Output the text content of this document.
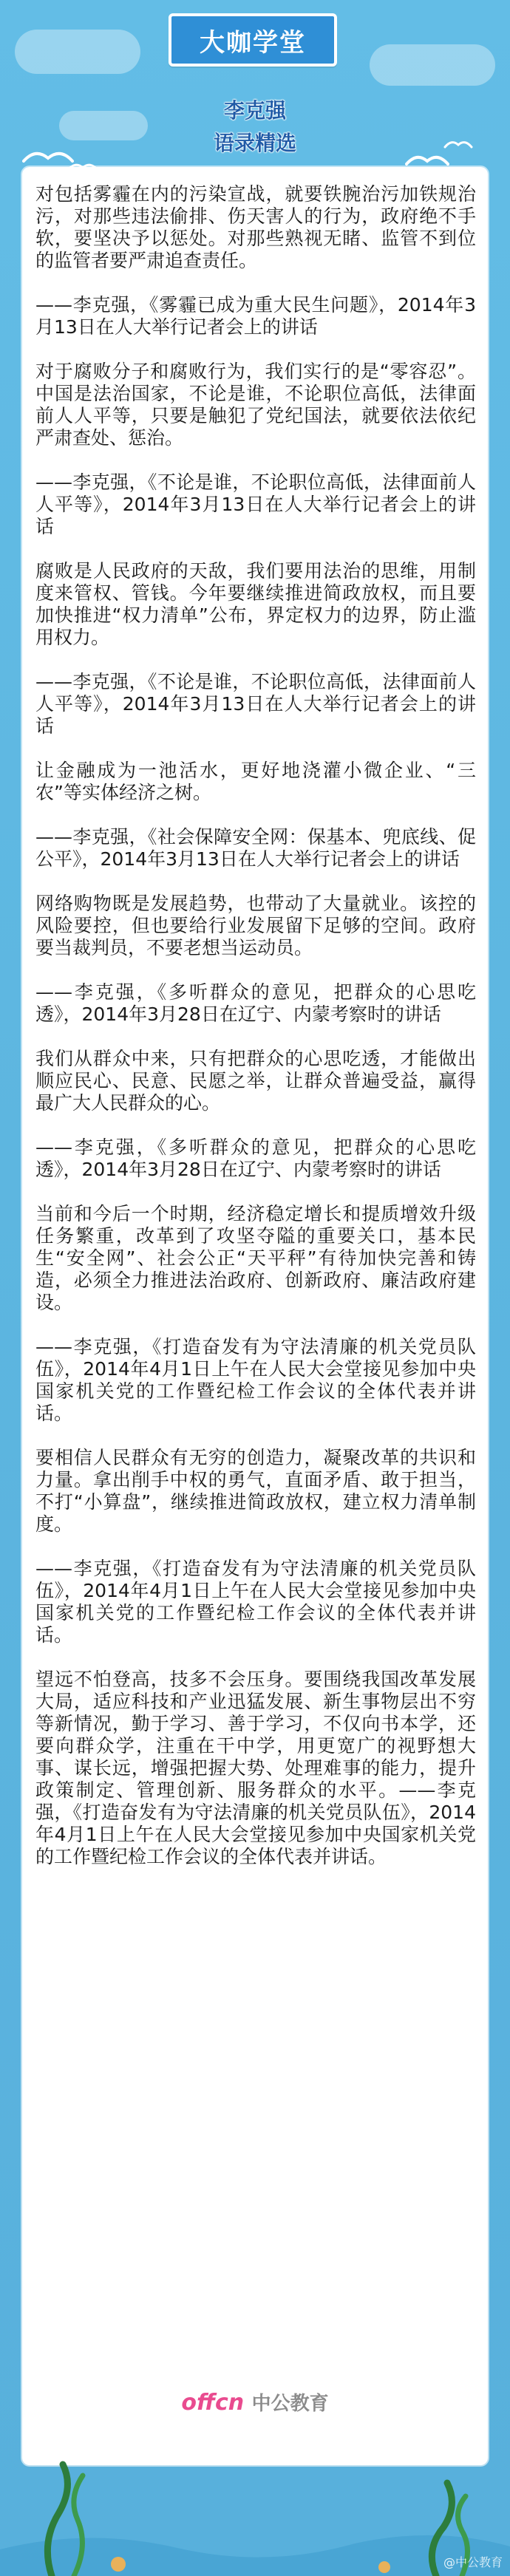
大咖学堂
李克强
语录精选

对包括雾霾在内的污染宣战，就要铁腕治污加铁规治污，对那些违法偷排、伤天害人的行为，政府绝不手软，要坚决予以惩处。对那些熟视无睹、监管不到位的监管者要严肃追查责任。

——李克强，《雾霾已成为重大民生问题》，2014年3月13日在人大举行记者会上的讲话

对于腐败分子和腐败行为，我们实行的是“零容忍”。中国是法治国家，不论是谁，不论职位高低，法律面前人人平等，只要是触犯了党纪国法，就要依法依纪严肃查处、惩治。

——李克强，《不论是谁，不论职位高低，法律面前人人平等》，2014年3月13日在人大举行记者会上的讲话

腐败是人民政府的天敌，我们要用法治的思维，用制度来管权、管钱。今年要继续推进简政放权，而且要加快推进“权力清单”公布，界定权力的边界，防止滥用权力。

——李克强，《不论是谁，不论职位高低，法律面前人人平等》，2014年3月13日在人大举行记者会上的讲话

让金融成为一池活水，更好地浇灌小微企业、“三农”等实体经济之树。

——李克强，《社会保障安全网：保基本、兜底线、促公平》，2014年3月13日在人大举行记者会上的讲话

网络购物既是发展趋势，也带动了大量就业。该控的风险要控，但也要给行业发展留下足够的空间。政府要当裁判员，不要老想当运动员。

——李克强，《多听群众的意见，把群众的心思吃透》，2014年3月28日在辽宁、内蒙考察时的讲话

我们从群众中来，只有把群众的心思吃透，才能做出顺应民心、民意、民愿之举，让群众普遍受益，赢得最广大人民群众的心。

——李克强，《多听群众的意见，把群众的心思吃透》，2014年3月28日在辽宁、内蒙考察时的讲话

当前和今后一个时期，经济稳定增长和提质增效升级任务繁重，改革到了攻坚夺隘的重要关口，基本民生“安全网”、社会公正“天平秤”有待加快完善和铸造，必须全力推进法治政府、创新政府、廉洁政府建设。

——李克强，《打造奋发有为守法清廉的机关党员队伍》，2014年4月1日上午在人民大会堂接见参加中央国家机关党的工作暨纪检工作会议的全体代表并讲话。

要相信人民群众有无穷的创造力，凝聚改革的共识和力量。拿出削手中权的勇气，直面矛盾、敢于担当，不打“小算盘”，继续推进简政放权，建立权力清单制度。

——李克强，《打造奋发有为守法清廉的机关党员队伍》，2014年4月1日上午在人民大会堂接见参加中央国家机关党的工作暨纪检工作会议的全体代表并讲话。

望远不怕登高，技多不会压身。要围绕我国改革发展大局，适应科技和产业迅猛发展、新生事物层出不穷等新情况，勤于学习、善于学习，不仅向书本学，还要向群众学，注重在干中学，用更宽广的视野想大事、谋长远，增强把握大势、处理难事的能力，提升政策制定、管理创新、服务群众的水平。——李克强，《打造奋发有为守法清廉的机关党员队伍》，2014年4月1日上午在人民大会堂接见参加中央国家机关党的工作暨纪检工作会议的全体代表并讲话。

offcn 中公教育
@中公教育
